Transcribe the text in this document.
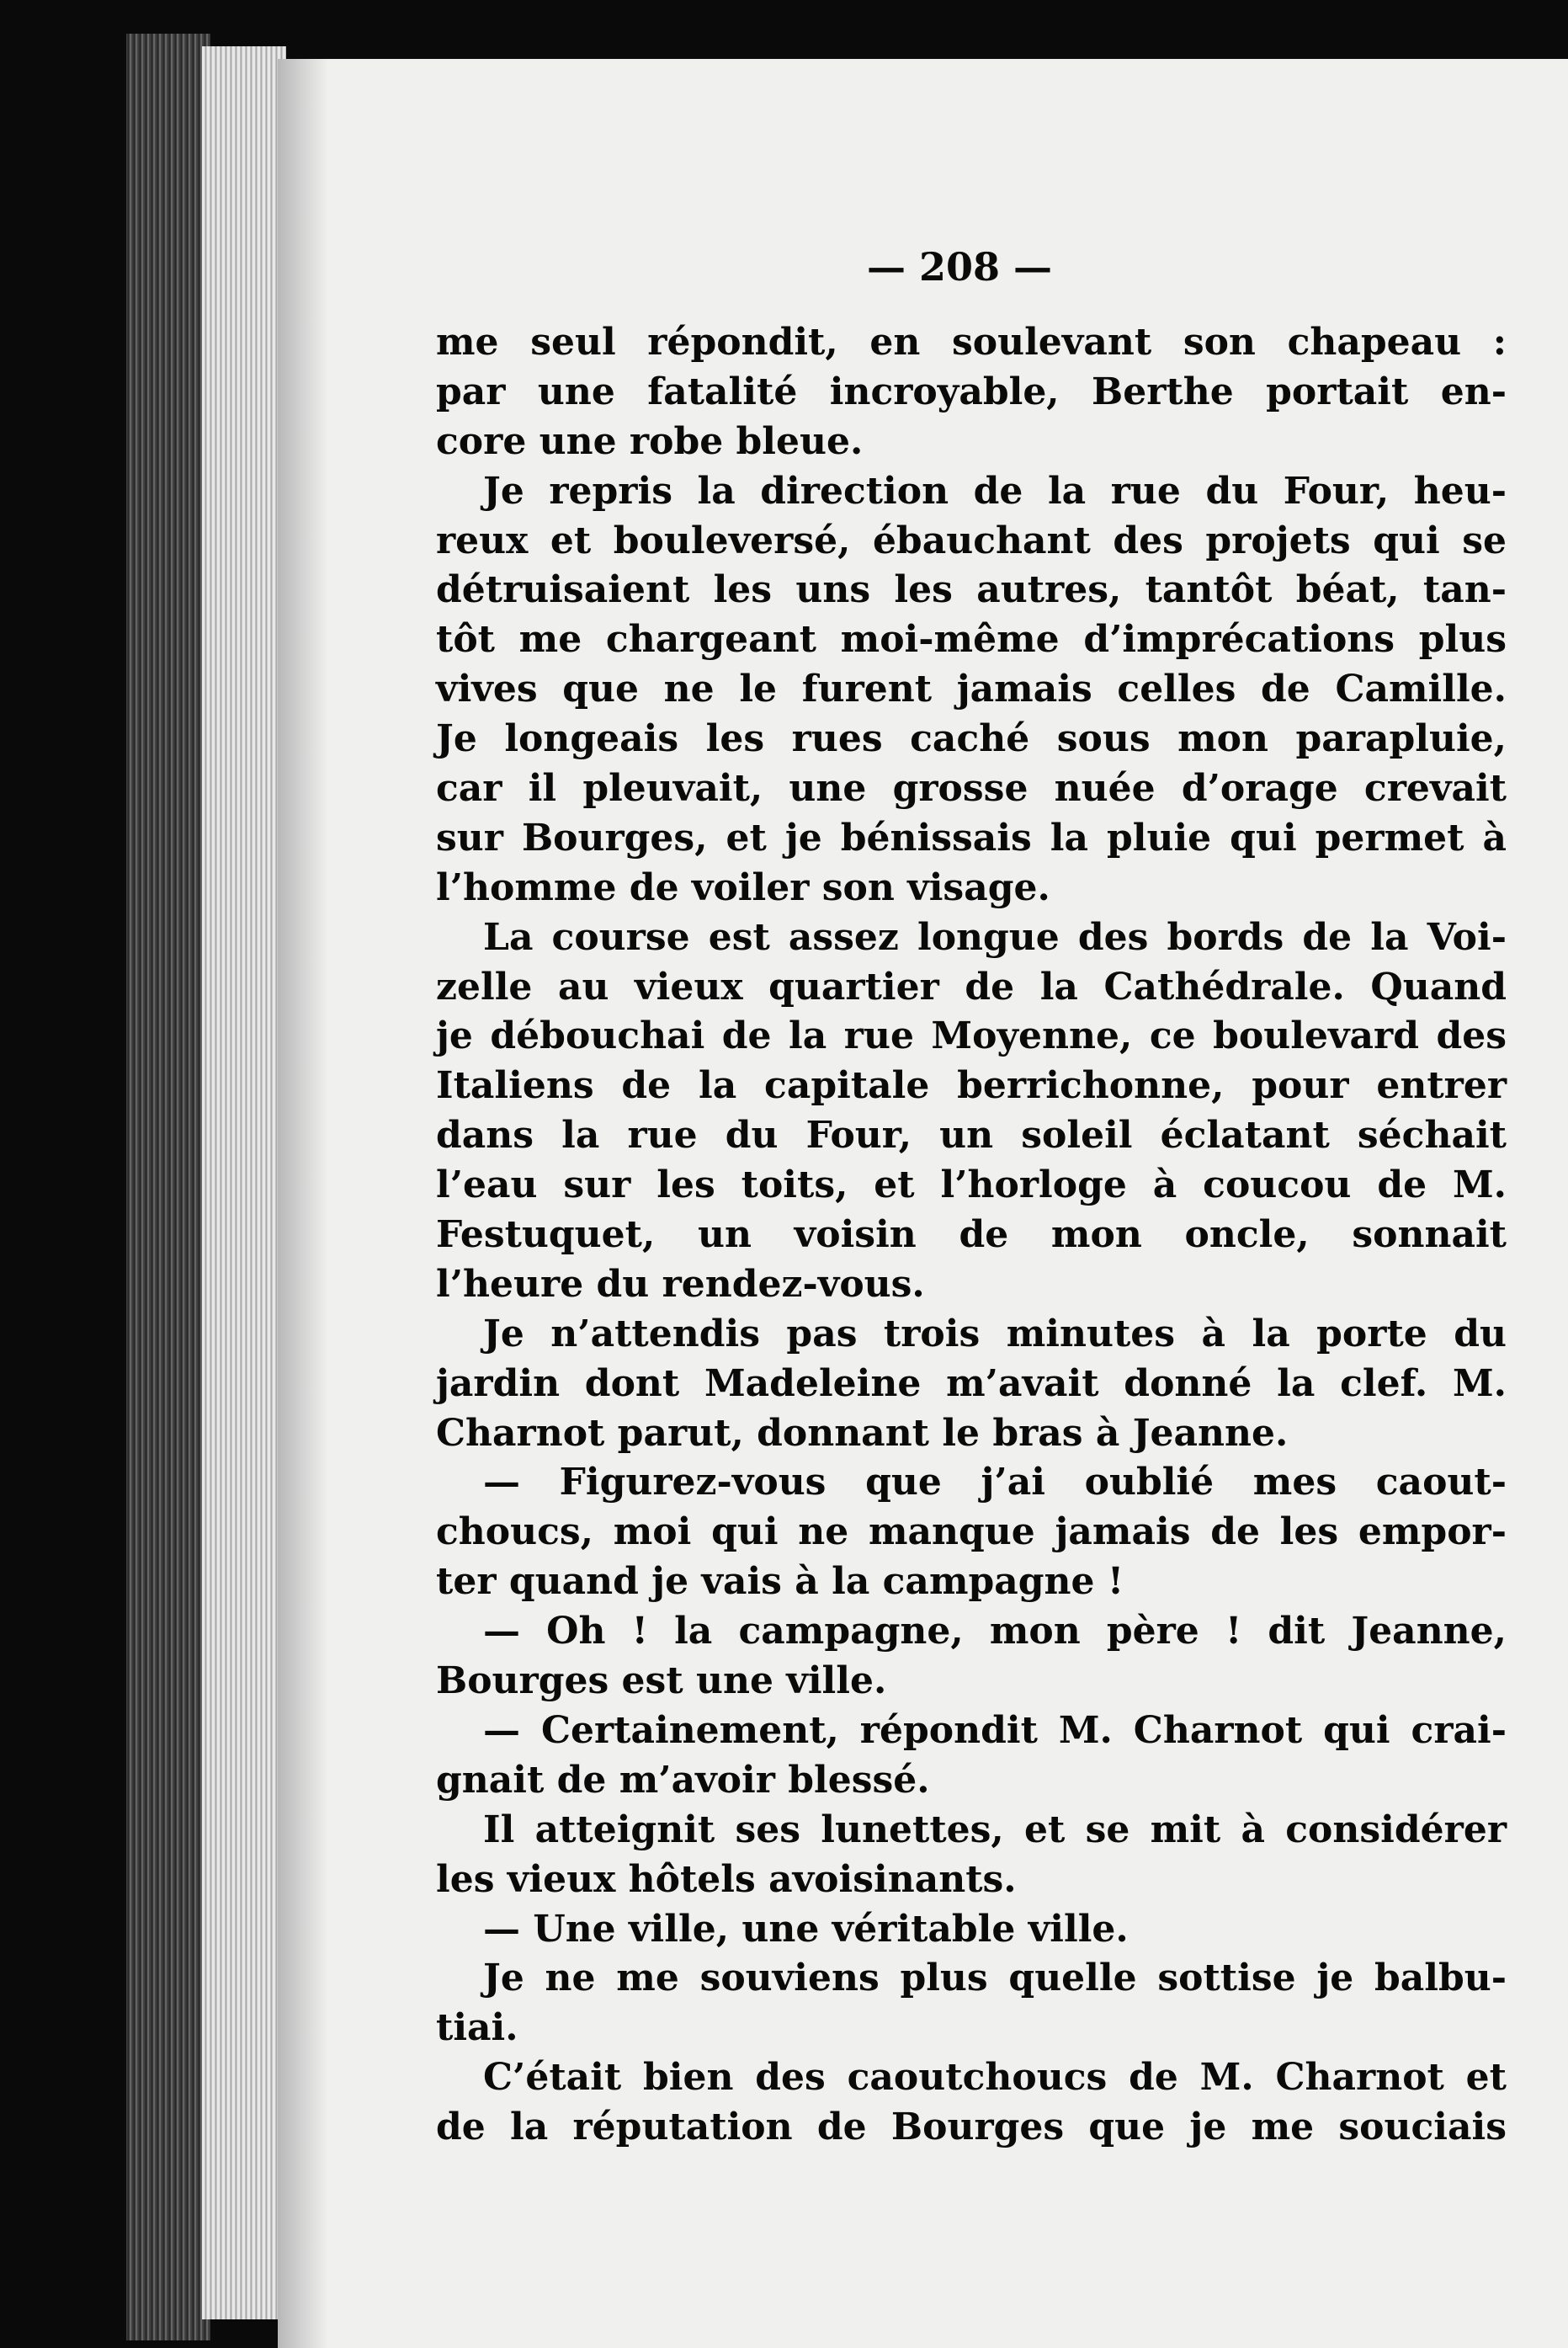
— 208 —
me seul répondit, en soulevant son chapeau :
par une fatalité incroyable, Berthe portait en-
core une robe bleue.
Je repris la direction de la rue du Four, heu-
reux et bouleversé, ébauchant des projets qui se
détruisaient les uns les autres, tantôt béat, tan-
tôt me chargeant moi-même d’imprécations plus
vives que ne le furent jamais celles de Camille.
Je longeais les rues caché sous mon parapluie,
car il pleuvait, une grosse nuée d’orage crevait
sur Bourges, et je bénissais la pluie qui permet à
l’homme de voiler son visage.
La course est assez longue des bords de la Voi-
zelle au vieux quartier de la Cathédrale. Quand
je débouchai de la rue Moyenne, ce boulevard des
Italiens de la capitale berrichonne, pour entrer
dans la rue du Four, un soleil éclatant séchait
l’eau sur les toits, et l’horloge à coucou de M.
Festuquet, un voisin de mon oncle, sonnait
l’heure du rendez-vous.
Je n’attendis pas trois minutes à la porte du
jardin dont Madeleine m’avait donné la clef. M.
Charnot parut, donnant le bras à Jeanne.
— Figurez-vous que j’ai oublié mes caout-
choucs, moi qui ne manque jamais de les empor-
ter quand je vais à la campagne !
— Oh ! la campagne, mon père ! dit Jeanne,
Bourges est une ville.
— Certainement, répondit M. Charnot qui crai-
gnait de m’avoir blessé.
Il atteignit ses lunettes, et se mit à considérer
les vieux hôtels avoisinants.
— Une ville, une véritable ville.
Je ne me souviens plus quelle sottise je balbu-
tiai.
C’était bien des caoutchoucs de M. Charnot et
de la réputation de Bourges que je me souciais
